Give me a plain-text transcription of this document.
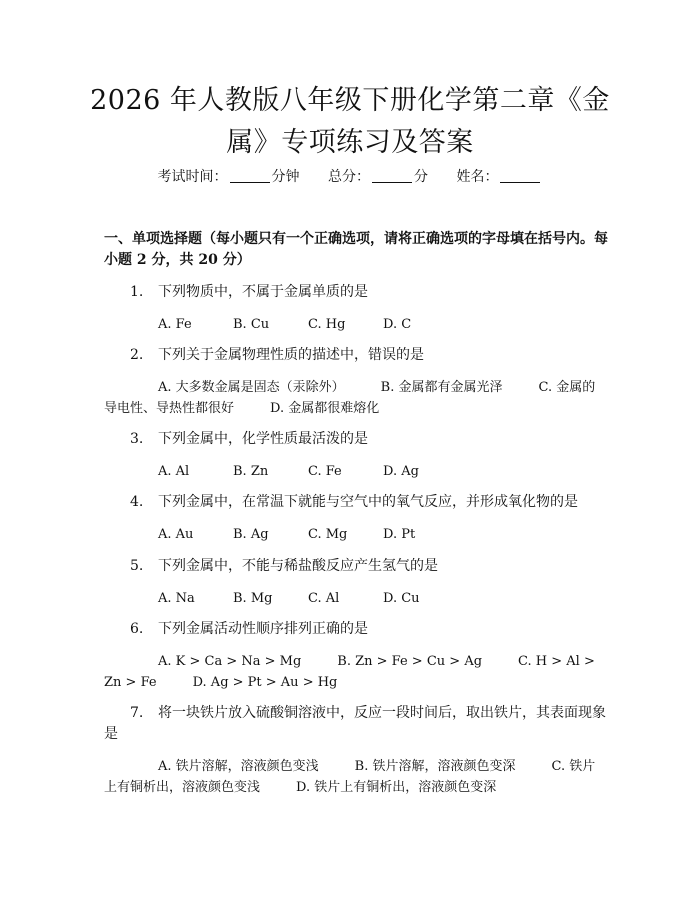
2026 年人教版八年级下册化学第二章《金
属》专项练习及答案
考试时间：	分钟 总分：	分 姓名：
一、单项选择题（每小题只有一个正确选项，请将正确选项的字母填在括号内。每小题 2 分，共 20 分）
1. 下列物质中，不属于金属单质的是
A. Fe	B. Cu	C. Hg	D. C
2. 下列关于金属物理性质的描述中，错误的是
A. 大多数金属是固态（汞除外）	B. 金属都有金属光泽	C. 金属的导电性、导热性都很好	D. 金属都很难熔化
3. 下列金属中，化学性质最活泼的是
A. Al	B. Zn	C. Fe	D. Ag
4. 下列金属中，在常温下就能与空气中的氧气反应，并形成氧化物的是
A. Au	B. Ag	C. Mg	D. Pt
5. 下列金属中，不能与稀盐酸反应产生氢气的是
A. Na	B. Mg	C. Al	D. Cu
6. 下列金属活动性顺序排列正确的是
A. K > Ca > Na > Mg	B. Zn > Fe > Cu > Ag	C. H > Al > Zn > Fe	D. Ag > Pt > Au > Hg
7. 将一块铁片放入硫酸铜溶液中，反应一段时间后，取出铁片，其表面现象是
A. 铁片溶解，溶液颜色变浅	B. 铁片溶解，溶液颜色变深	C. 铁片上有铜析出，溶液颜色变浅	D. 铁片上有铜析出，溶液颜色变深
